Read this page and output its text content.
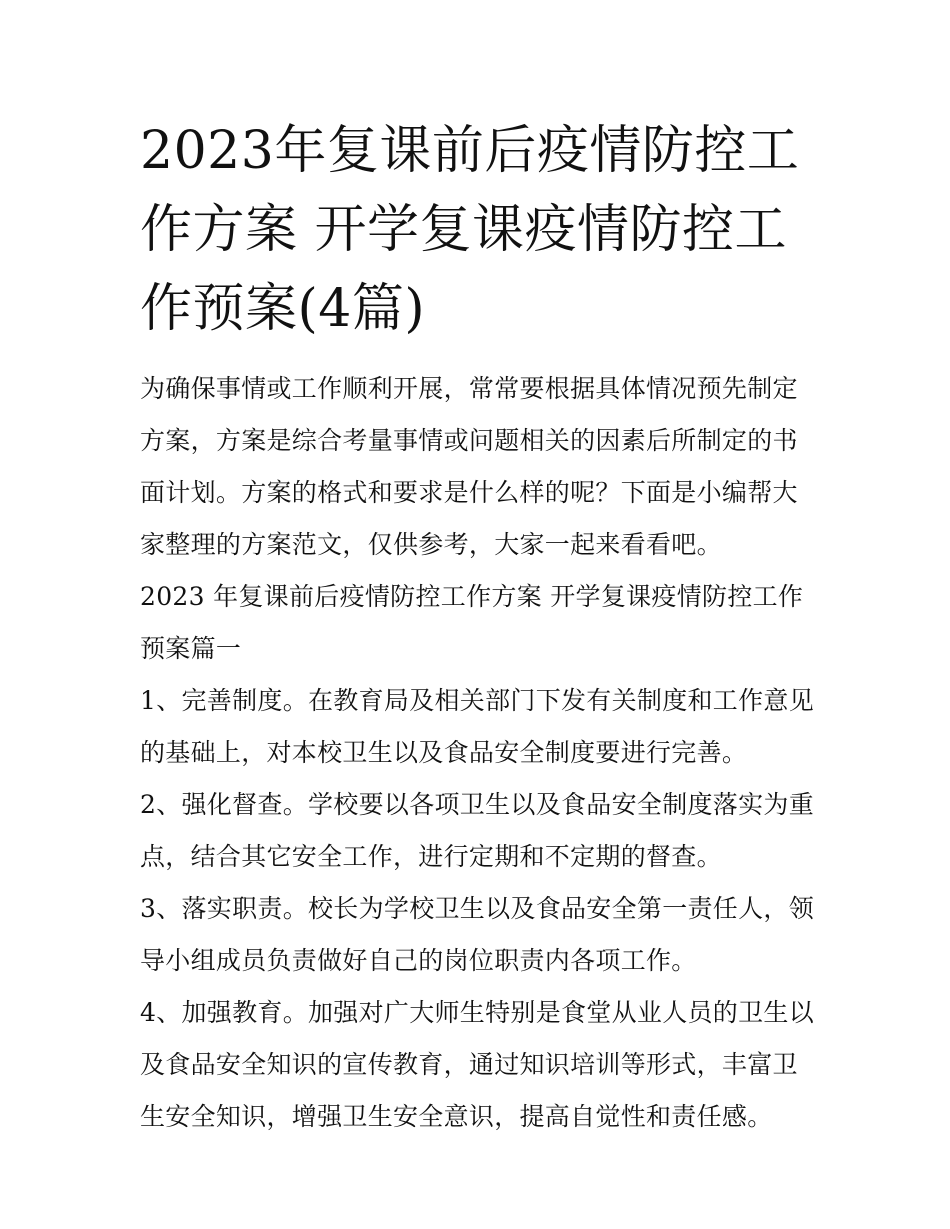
2023年复课前后疫情防控工作方案 开学复课疫情防控工作预案(4篇)

为确保事情或工作顺利开展，常常要根据具体情况预先制定方案，方案是综合考量事情或问题相关的因素后所制定的书面计划。方案的格式和要求是什么样的呢？下面是小编帮大家整理的方案范文，仅供参考，大家一起来看看吧。

2023 年复课前后疫情防控工作方案 开学复课疫情防控工作预案篇一

1、完善制度。在教育局及相关部门下发有关制度和工作意见的基础上，对本校卫生以及食品安全制度要进行完善。

2、强化督查。学校要以各项卫生以及食品安全制度落实为重点，结合其它安全工作，进行定期和不定期的督查。

3、落实职责。校长为学校卫生以及食品安全第一责任人，领导小组成员负责做好自己的岗位职责内各项工作。

4、加强教育。加强对广大师生特别是食堂从业人员的卫生以及食品安全知识的宣传教育，通过知识培训等形式，丰富卫生安全知识，增强卫生安全意识，提高自觉性和责任感。
